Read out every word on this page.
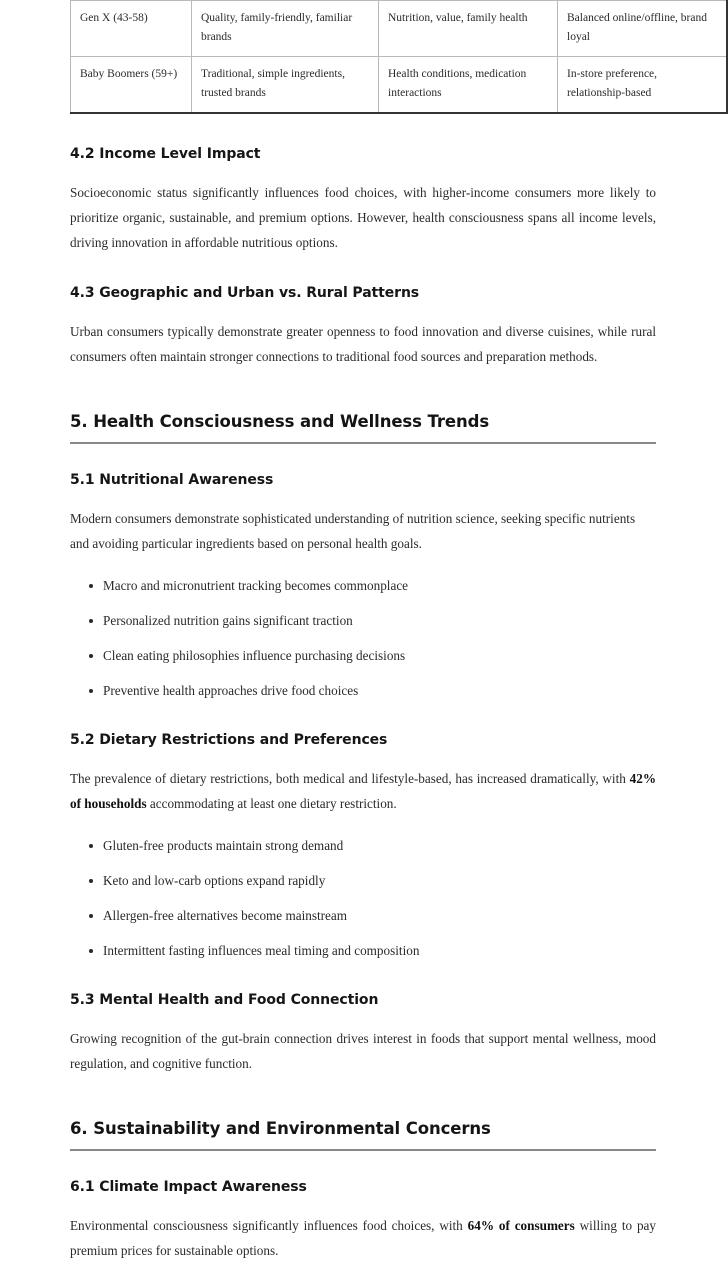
Gen X (43-58)	Quality, family-friendly, familiar brands	Nutrition, value, family health	Balanced online/offline, brand loyal
Baby Boomers (59+)	Traditional, simple ingredients, trusted brands	Health conditions, medication interactions	In-store preference, relationship-based
4.2 Income Level Impact

Socioeconomic status significantly influences food choices, with higher-income consumers more likely to prioritize organic, sustainable, and premium options. However, health consciousness spans all income levels, driving innovation in affordable nutritious options.

4.3 Geographic and Urban vs. Rural Patterns

Urban consumers typically demonstrate greater openness to food innovation and diverse cuisines, while rural consumers often maintain stronger connections to traditional food sources and preparation methods.

5. Health Consciousness and Wellness Trends
5.1 Nutritional Awareness

Modern consumers demonstrate sophisticated understanding of nutrition science, seeking specific nutrients and avoiding particular ingredients based on personal health goals.

Macro and micronutrient tracking becomes commonplace
Personalized nutrition gains significant traction
Clean eating philosophies influence purchasing decisions
Preventive health approaches drive food choices
5.2 Dietary Restrictions and Preferences

The prevalence of dietary restrictions, both medical and lifestyle-based, has increased dramatically, with 42% of households accommodating at least one dietary restriction.

Gluten-free products maintain strong demand
Keto and low-carb options expand rapidly
Allergen-free alternatives become mainstream
Intermittent fasting influences meal timing and composition
5.3 Mental Health and Food Connection

Growing recognition of the gut-brain connection drives interest in foods that support mental wellness, mood regulation, and cognitive function.

6. Sustainability and Environmental Concerns
6.1 Climate Impact Awareness

Environmental consciousness significantly influences food choices, with 64% of consumers willing to pay premium prices for sustainable options.
